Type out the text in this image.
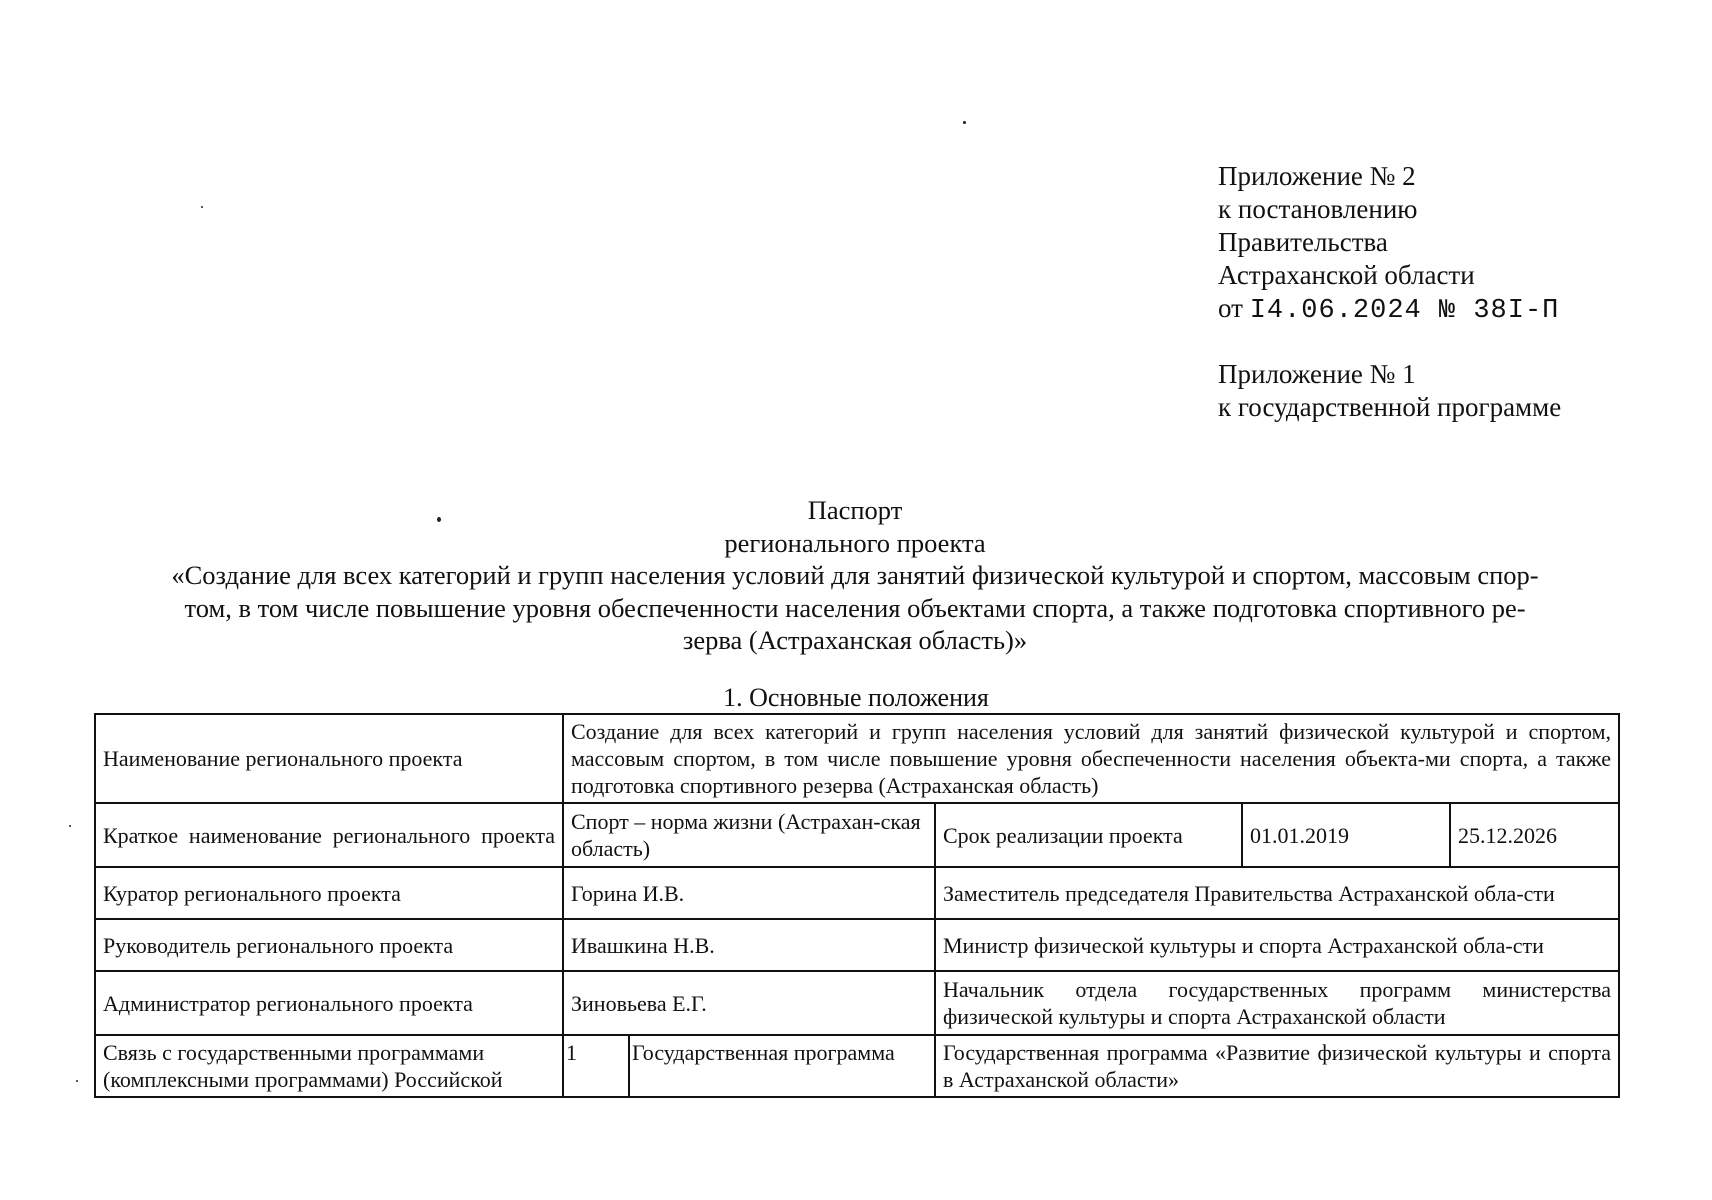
Приложение № 2
к постановлению
Правительства
Астраханской области
от I4.06.2024 № 38I-П
Приложение № 1
к государственной программе
Паспорт
регионального проекта
«Создание для всех категорий и групп населения условий для занятий физической культурой и спортом, массовым спор-
том, в том числе повышение уровня обеспеченности населения объектами спорта, а также подготовка спортивного ре-
зерва (Астраханская область)»
1. Основные положения
Наименование регионального проекта	Создание для всех категорий и групп населения условий для занятий физической культурой и спортом, массовым спортом, в том числе повышение уровня обеспеченности населения объекта-ми спорта, а также подготовка спортивного резерва (Астраханская область)				
Краткое наименование регионального проекта	Спорт – норма жизни (Астрахан-ская область)		Срок реализации проекта	01.01.2019	25.12.2026
Куратор регионального проекта	Горина И.В.		Заместитель председателя Правительства Астраханской обла-сти		
Руководитель регионального проекта	Ивашкина Н.В.		Министр физической культуры и спорта Астраханской обла-сти		
Администратор регионального проекта	Зиновьева Е.Г.		Начальник отдела государственных программ министерства физической культуры и спорта Астраханской области		
Связь с государственными программами (комплексными программами) Российской	1	Государственная программа	Государственная программа «Развитие физической культуры и спорта в Астраханской области»		
